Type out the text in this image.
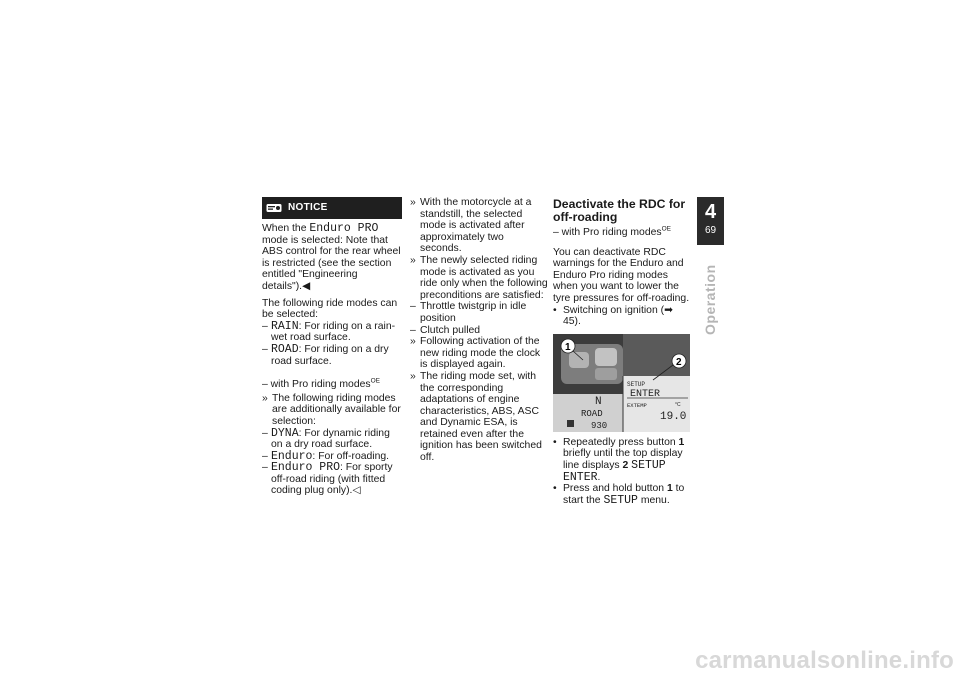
NOTICE

When the Enduro PRO mode is selected: Note that ABS control for the rear wheel is restricted (see the section entitled "Engineering details").◀

The following ride modes can be selected:

– RAIN: For riding on a rain-wet road surface.
– ROAD: For riding on a dry road surface.

– with Pro riding modes$^{OE}$

» The following riding modes are additionally available for selection:
– DYNA: For dynamic riding on a dry road surface.
– Enduro: For off-roading.
– Enduro PRO: For sporty off-road riding (with fitted coding plug only).◁
» With the motorcycle at a standstill, the selected mode is activated after approximately two seconds.
» The newly selected riding mode is activated as you ride only when the following preconditions are satisfied:
– Throttle twistgrip in idle position
– Clutch pulled
» Following activation of the new riding mode the clock is displayed again.
» The riding mode set, with the corresponding adaptations of engine characteristics, ABS, ASC and Dynamic ESA, is retained even after the ignition has been switched off.
Deactivate the RDC for off-roading

– with Pro riding modes$^{OE}$

You can deactivate RDC warnings for the Enduro and Enduro Pro riding modes when you want to lower the tyre pressures for off-roading.

• Switching on ignition (➡ 45).
SETUP
ENTER
EXTEMP	°C
19.0
N
ROAD
930
1
2
• Repeatedly press button 1 briefly until the top display line displays 2 SETUP ENTER.
• Press and hold button 1 to start the SETUP menu.
4
69
Operation
carmanualsonline.info
